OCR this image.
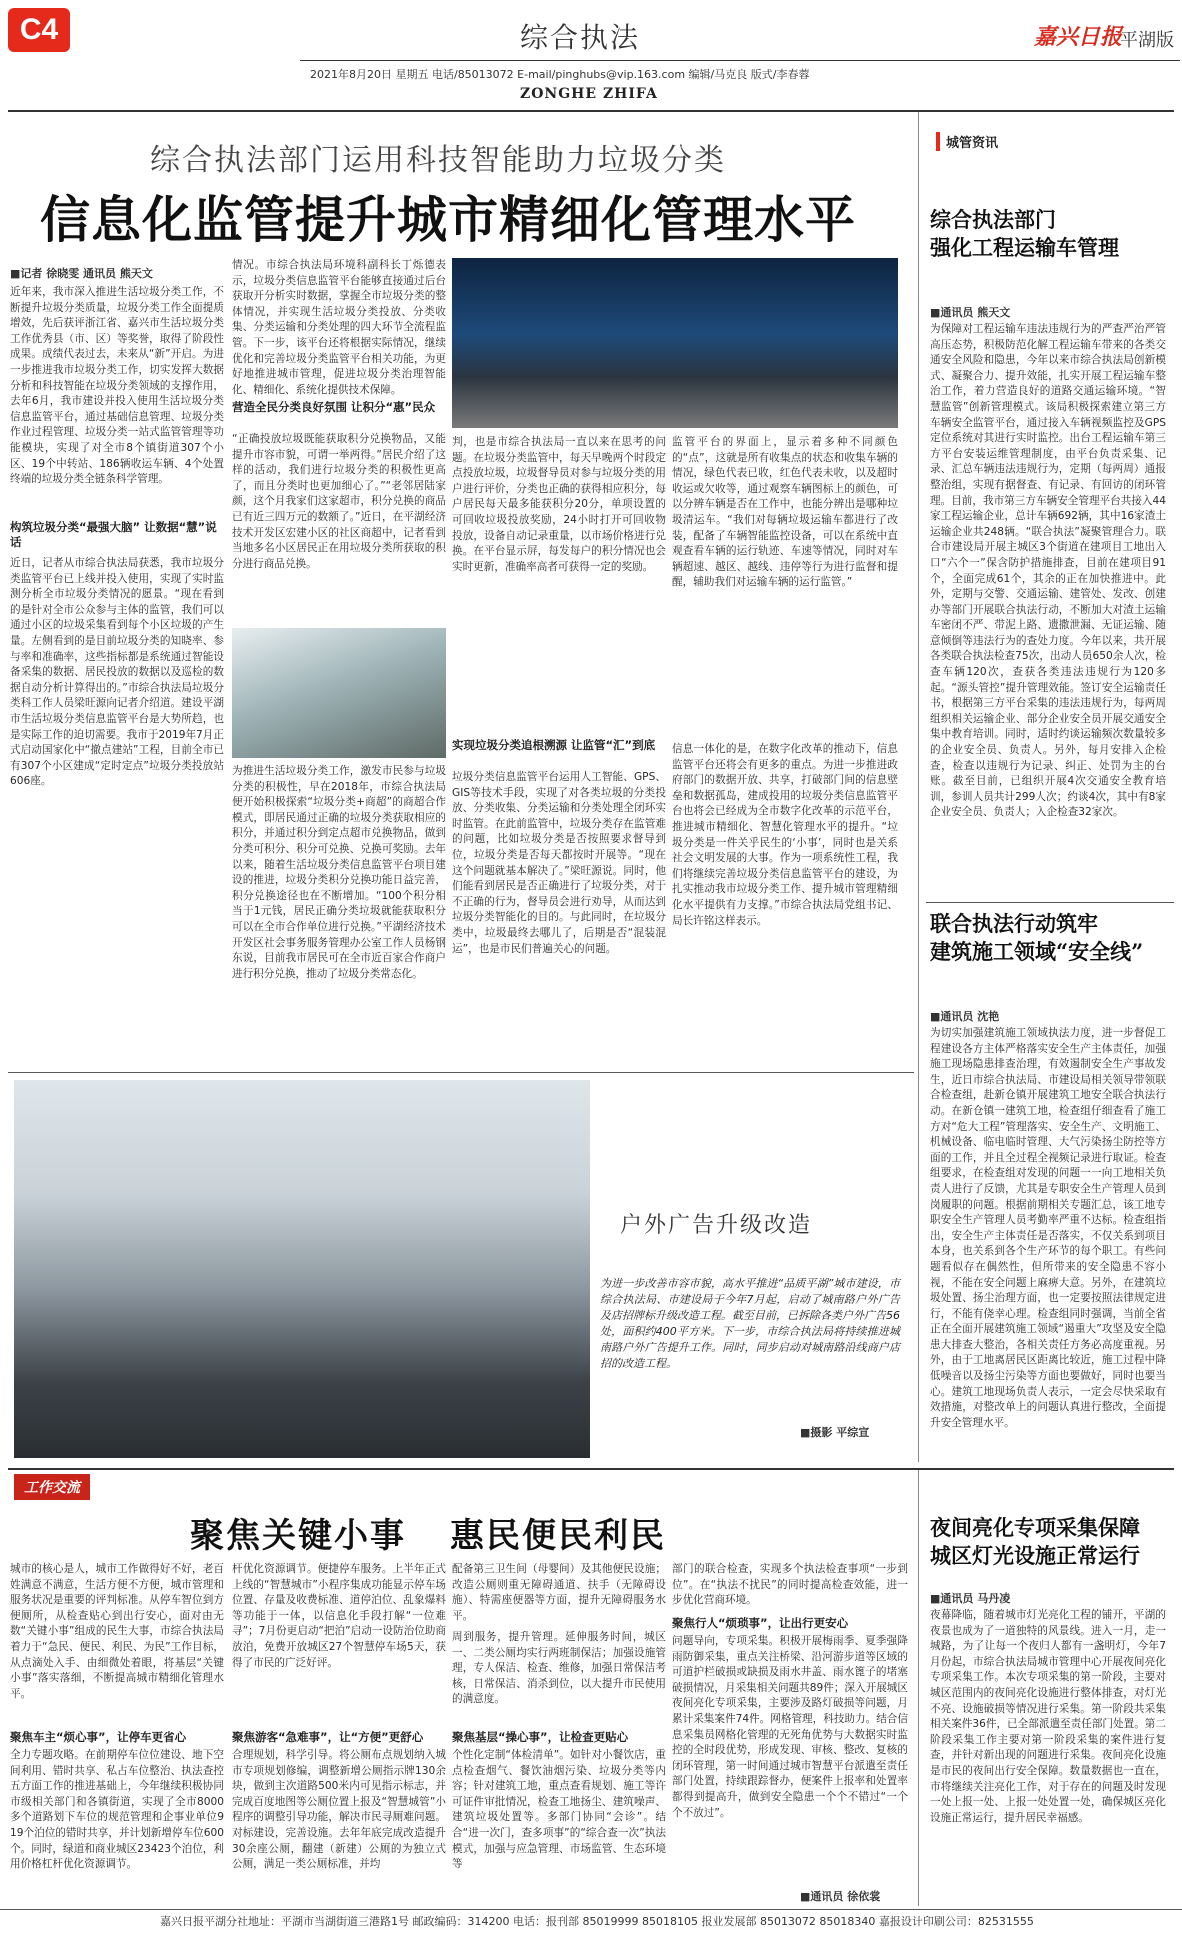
C4	综合执法	嘉兴日报
平湖版
2021年8月20日 星期五 电话/85013072 E-mail/pinghubs@vip.163.com 编辑/马克良 版式/李春蓉
ZONGHE ZHIFA
综合执法部门运用科技智能助力垃圾分类
信息化监管提升城市精细化管理水平
■记者 徐晓雯 通讯员 熊天文
近年来，我市深入推进生活垃圾分类工作，不断提升垃圾分类质量，垃圾分类工作全面提质增效，先后获评浙江省、嘉兴市生活垃圾分类工作优秀县（市、区）等奖誉，取得了阶段性成果。成绩代表过去，未来从“新”开启。为进一步推进我市垃圾分类工作，切实发挥大数据分析和科技智能在垃圾分类领域的支撑作用，去年6月，我市建设并投入使用生活垃圾分类信息监管平台，通过基础信息管理、垃圾分类作业过程管理、垃圾分类一站式监管管理等功能模块，实现了对全市8个镇街道307个小区、19个中转站、186辆收运车辆、4个处置终端的垃圾分类全链条科学管理。
构筑垃圾分类“最强大脑” 让数据“慧”说话
近日，记者从市综合执法局获悉，我市垃圾分类监管平台已上线并投入使用，实现了实时监测分析全市垃圾分类情况的愿景。“现在看到的是针对全市公众参与主体的监管，我们可以通过小区的垃圾采集看到每个小区垃圾的产生量。左侧看到的是目前垃圾分类的知晓率、参与率和准确率，这些指标都是系统通过智能设备采集的数据、居民投放的数据以及巡检的数据自动分析计算得出的。”市综合执法局垃圾分类科工作人员梁旺源向记者介绍道。建设平湖市生活垃圾分类信息监管平台是大势所趋，也是实际工作的迫切需要。我市于2019年7月正式启动国家化中“撤点建站”工程，目前全市已有307个小区建成“定时定点”垃圾分类投放站606座。
情况。市综合执法局环境科副科长丁烁德表示，垃圾分类信息监管平台能够直接通过后台获取开分析实时数据，掌握全市垃圾分类的整体情况，并实现生活垃圾分类投放、分类收集、分类运输和分类处理的四大环节全流程监管。下一步，该平台还将根据实际情况，继续优化和完善垃圾分类监管平台相关功能，为更好地推进城市管理，促进垃圾分类治理智能化、精细化、系统化提供技术保障。
营造全民分类良好氛围 让积分“惠”民众
“正确投放垃圾既能获取积分兑换物品，又能提升市容市貌，可谓一举两得。”居民介绍了这样的活动，我们进行垃圾分类的积极性更高了，而且分类时也更加细心了。”“老邻居陆家颜，这个月我家们这家超市，积分兑换的商品已有近三四万元的数额了。”近日，在平湖经济技术开发区宏建小区的社区商超中，记者看到当地多名小区居民正在用垃圾分类所获取的积分进行商品兑换。
为推进生活垃圾分类工作，激发市民参与垃圾分类的积极性，早在2018年，市综合执法局便开始积极探索“垃圾分类+商超”的商超合作模式，即居民通过正确的垃圾分类获取相应的积分，并通过积分到定点超市兑换物品，做到分类可积分、积分可兑换、兑换可奖励。去年以来，随着生活垃圾分类信息监管平台项目建设的推进，垃圾分类积分兑换功能日益完善，积分兑换途径也在不断增加。“100个积分相当于1元钱，居民正确分类垃圾就能获取积分可以在全市合作单位进行兑换。”平湖经济技术开发区社会事务服务管理办公室工作人员杨钢东说，目前我市居民可在全市近百家合作商户进行积分兑换，推动了垃圾分类常态化。
判，也是市综合执法局一直以来在思考的问题。在垃圾分类监管中，每天早晚两个时段定点投放垃圾，垃圾督导员对参与垃圾分类的用户进行评价，分类也正确的获得相应积分，每户居民每天最多能获积分20分，单项设置的可回收垃圾投放奖励，24小时打开可回收物投放，设备自动记录重量，以市场价格进行兑换。在平台显示屏，每发每户的积分情况也会实时更新，准确率高者可获得一定的奖励。
实现垃圾分类追根溯源 让监管“汇”到底
垃圾分类信息监管平台运用人工智能、GPS、GIS等技术手段，实现了对各类垃圾的分类投放、分类收集、分类运输和分类处理全闭环实时监管。在此前监管中，垃圾分类存在监管难的问题，比如垃圾分类是否按照要求督导到位，垃圾分类是否每天都按时开展等。“现在这个问题就基本解决了。”梁旺源说。同时，他们能看到居民是否正确进行了垃圾分类，对于不正确的行为，督导员会进行劝导，从而达到垃圾分类智能化的目的。与此同时，在垃圾分类中，垃圾最终去哪儿了，后期是否“混装混运”，也是市民们普遍关心的问题。
监管平台的界面上，显示着多种不同颜色的“点”，这就是所有收集点的状态和收集车辆的情况，绿色代表已收，红色代表未收，以及超时收运或欠收等，通过观察车辆图标上的颜色，可以分辨车辆是否在工作中，也能分辨出是哪种垃圾清运车。“我们对每辆垃圾运输车都进行了改装，配备了车辆智能监控设备，可以在系统中直观查看车辆的运行轨迹、车速等情况，同时对车辆超速、越区、越线、违停等行为进行监督和提醒，辅助我们对运输车辆的运行监管。”
信息一体化的是，在数字化改革的推动下，信息监管平台还将会有更多的重点。为进一步推进政府部门的数据开放、共享，打破部门间的信息壁垒和数据孤岛，建成投用的垃圾分类信息监管平台也将会已经成为全市数字化改革的示范平台，推进城市精细化、智慧化管理水平的提升。“垃圾分类是一件关乎民生的‘小事’，同时也是关系社会文明发展的大事。作为一项系统性工程，我们将继续完善垃圾分类信息监管平台的建设，为扎实推动我市垃圾分类工作、提升城市管理精细化水平提供有力支撑。”市综合执法局党组书记、局长许铭这样表示。
户外广告升级改造
为进一步改善市容市貌，高水平推进“品质平湖”城市建设，市综合执法局、市建设局于今年7月起，启动了城南路户外广告及店招牌标升级改造工程。截至目前，已拆除各类户外广告56处，面积约400平方米。下一步，市综合执法局将持续推进城南路户外广告提升工作。同时，同步启动对城南路沿线商户店招的改造工程。
■摄影 平综宣
城管资讯
综合执法部门
强化工程运输车管理
■通讯员 熊天文
为保障对工程运输车违法违规行为的严查严治严管高压态势，积极防范化解工程运输车带来的各类交通安全风险和隐患，今年以来市综合执法局创新模式、凝聚合力、提升效能，扎实开展工程运输车整治工作，着力营造良好的道路交通运输环境。“智慧监管”创新管理模式。该局积极探索建立第三方车辆安全监管平台，通过接入车辆视频监控及GPS定位系统对其进行实时监控。出台工程运输车第三方平台安装运维管理制度，由平台负责采集、记录、汇总车辆违法违规行为，定期（每两周）通报整治组，实现有据督查、有记录、有回访的闭环管理。目前，我市第三方车辆安全管理平台共接入44家工程运输企业，总计车辆692辆，其中16家渣土运输企业共248辆。“联合执法”凝聚管理合力。联合市建设局开展主城区3个街道在建项目工地出入口“六个一”保含防护措施排查，目前在建项目91个，全面完成61个，其余的正在加快推进中。此外，定期与交警、交通运输、建管处、发改、创建办等部门开展联合执法行动，不断加大对渣土运输车密闭不严、带泥上路、遗撒泄漏、无证运输、随意倾倒等违法行为的查处力度。今年以来，共开展各类联合执法检查75次，出动人员650余人次，检查车辆120次，查获各类违法违规行为120多起。“源头管控”提升管理效能。签订安全运输责任书，根据第三方平台采集的违法违规行为，每两周组织相关运输企业、部分企业安全员开展交通安全集中教育培训。同时，适时约谈运输频次数量较多的企业安全员、负责人。另外，每月安排入企检查，检查以违规行为记录、纠正、处罚为主的台账。截至目前，已组织开展4次交通安全教育培训，参训人员共计299人次；约谈4次，其中有8家企业安全员、负责人；入企检查32家次。
联合执法行动筑牢
建筑施工领域“安全线”
■通讯员 沈艳
为切实加强建筑施工领域执法力度，进一步督促工程建设各方主体严格落实安全生产主体责任，加强施工现场隐患排查治理，有效遏制安全生产事故发生，近日市综合执法局、市建设局相关领导带领联合检查组，赴新仓镇开展建筑工地安全联合执法行动。在新仓镇一建筑工地，检查组仔细查看了施工方对“危大工程”管理落实、安全生产、文明施工、机械设备、临电临时管理、大气污染扬尘防控等方面的工作，并且全过程全视频记录进行取证。检查组要求，在检查组对发现的问题一一向工地相关负责人进行了反馈，尤其是专职安全生产管理人员到岗履职的问题。根据前期相关专题汇总，该工地专职安全生产管理人员考勤率严重不达标。检查组指出，安全生产主体责任是否落实，不仅关系到项目本身，也关系到各个生产环节的每个职工。有些问题看似存在偶然性，但所带来的安全隐患不容小视，不能在安全问题上麻痹大意。另外，在建筑垃圾处置、扬尘治理方面，也一定要按照法律规定进行，不能有侥幸心理。检查组同时强调，当前全省正在全面开展建筑施工领域“遏重大”攻坚及安全隐患大排查大整治，各相关责任方务必高度重视。另外，由于工地离居民区距离比较近，施工过程中降低噪音以及扬尘污染等方面也要做好，同时也要当心。建筑工地现场负责人表示，一定会尽快采取有效措施，对整改单上的问题认真进行整改，全面提升安全管理水平。
工作交流
聚焦关键小事 惠民便民利民
城市的核心是人，城市工作做得好不好，老百姓满意不满意，生活方便不方便，城市管理和服务状况是重要的评判标准。从停车智位到方便厕所，从检查贴心到出行安心，面对由无数“关键小事”组成的民生大事，市综合执法局着力于“急民、便民、利民、为民”工作目标，从点滴处入手、由细微处着眼，将基层“关键小事”落实落细，不断提高城市精细化管理水平。
聚焦车主“烦心事”，让停车更省心
全力专题攻略。在前期停车位位建设、地下空间利用、错时共享、私占车位整治、执法查控五方面工作的推进基础上，今年继续积极协同市级相关部门和各镇街道，实现了全市8000多个道路划下车位的规范管理和企事业单位919个泊位的错时共享，并计划新增停车位600个。同时，绿道和商业城区23423个泊位，利用价格杠杆优化资源调节。
杆优化资源调节。便捷停车服务。上半年正式上线的“智慧城市”小程序集成功能显示停车场位置、存量及收费标准、道停泊位、乱象爆料等功能于一体，以信息化手段打解“一位难寻”；7月份更启动“把泊”启动一设防治位助商放泊，免费开放城区27个智慧停车场5天，获得了市民的广泛好评。
聚焦游客“急难事”，让“方便”更舒心
合理规划，科学引导。将公厕布点规划纳入城市专项规划修编，调整新增公厕指示牌130余块，做到主次道路500米内可见指示标志，并完成百度地图等公厕位置上报及“智慧城管”小程序的调整引导功能，解决市民寻厕难问题。对标建设，完善设施。去年年底完成改造提升30余座公厕，翻建（新建）公厕的为独立式公厕，满足一类公厕标准，并均
配备第三卫生间（母婴间）及其他便民设施；改造公厕则重无障碍通道、扶手（无障碍设施）、特需座便器等方面，提升无障碍服务水平。
周到服务，提升管理。延伸服务时间，城区一、二类公厕均实行两班制保洁；加强设施管理，专人保洁、检查、维修，加强日常保洁考核，日常保洁、消杀到位，以大提升市民使用的满意度。
聚焦基层“操心事”，让检查更贴心
个性化定制“体检清单”。如针对小餐饮店，重点检查烟气、餐饮油烟污染、垃圾分类等内容；针对建筑工地，重点查看规划、施工等许可证件审批情况，检查工地扬尘、建筑噪声、建筑垃圾处置等。多部门协同“会诊”。结合“进一次门，查多项事”的“综合查一次”执法模式，加强与应急管理、市场监管、生态环境等
部门的联合检查，实现多个执法检查事项“一步到位”。在“执法不扰民”的同时提高检查效能，进一步优化营商环境。
聚焦行人“烦琐事”，让出行更安心
问题导向，专项采集。积极开展梅雨季、夏季强降雨防御采集，重点关注桥梁、沿河游步道等区域的可道护栏破损或缺损及雨水井盖、雨水篦子的堵塞破损情况，月采集相关问题共89件；深入开展城区夜间亮化专项采集，主要涉及路灯破损等问题，月累计采集案件74件。网格管理，科技助力。结合信息采集员网格化管理的无死角优势与大数据实时监控的全时段优势，形成发现、审核、整改、复核的闭环管理，第一时间通过城市智慧平台派遣至责任部门处置，持续跟踪督办，便案件上报率和处置率都得到提高升，做到安全隐患一个个不错过“一个个不放过”。
■通讯员 徐依裳
夜间亮化专项采集保障
城区灯光设施正常运行
■通讯员 马丹凌
夜幕降临，随着城市灯光亮化工程的铺开，平湖的夜景也成为了一道独特的风景线。进入一月，走一城路，为了让每一个夜归人都有一盏明灯，今年7月份起，市综合执法局城市管理中心开展夜间亮化专项采集工作。本次专项采集的第一阶段，主要对城区范围内的夜间亮化设施进行整体排查，对灯光不亮、设施破损等情况进行采集。第一阶段共采集相关案件36件，已全部派遣至责任部门处置。第二阶段采集工作主要对第一阶段采集的案件进行复查，并针对新出现的问题进行采集。夜间亮化设施是市民的夜间出行安全保障。数量数据也一直在，市将继续关注亮化工作，对于存在的问题及时发现一处上报一处、上报一处处置一处，确保城区亮化设施正常运行，提升居民幸福感。
嘉兴日报平湖分社地址：平湖市当湖街道三港路1号 邮政编码：314200 电话：报刊部 85019999 85018105 报业发展部 85013072 85018340 嘉报设计印刷公司：82531555
